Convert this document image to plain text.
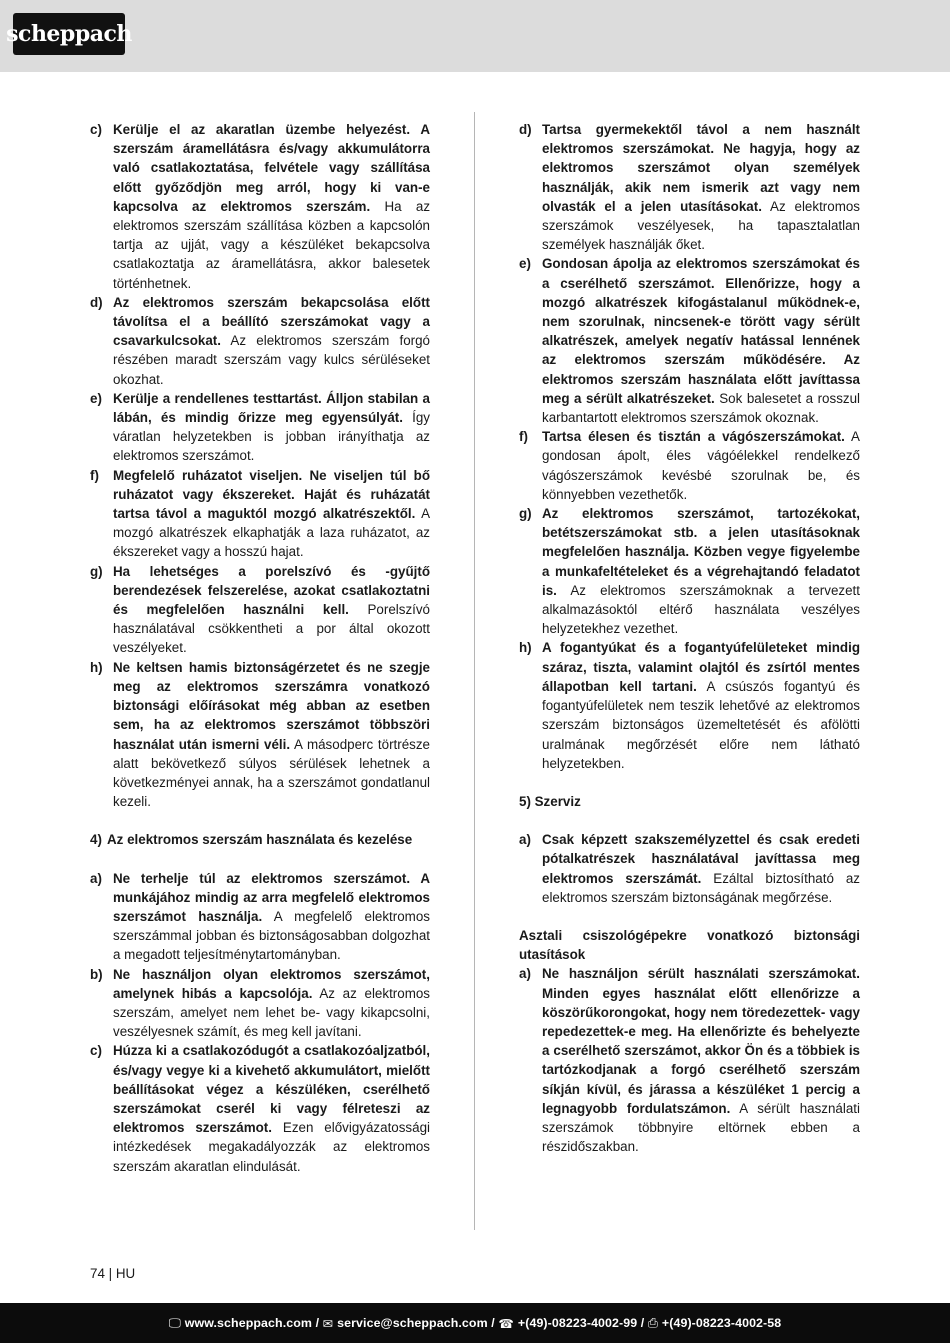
scheppach
c) Kerülje el az akaratlan üzembe helyezést. A szerszám áramellátásra és/vagy akkumulátorra való csatlakoztatása, felvétele vagy szállítása előtt győződjön meg arról, hogy ki van-e kapcsolva az elektromos szerszám. Ha az elektromos szerszám szállítása közben a kapcsolón tartja az ujját, vagy a készüléket bekapcsolva csatlakoztatja az áramellátásra, akkor balesetek történhetnek.
d) Az elektromos szerszám bekapcsolása előtt távolítsa el a beállító szerszámokat vagy a csavarkulcsokat. Az elektromos szerszám forgó részében maradt szerszám vagy kulcs sérüléseket okozhat.
e) Kerülje a rendellenes testtartást. Álljon stabilan a lábán, és mindig őrizze meg egyensúlyát. Így váratlan helyzetekben is jobban irányíthatja az elektromos szerszámot.
f)	Megfelelő ruházatot viseljen. Ne viseljen túl bő ruházatot vagy ékszereket. Haját és ruházatát tartsa távol a maguktól mozgó alkatrészektől. A mozgó alkatrészek elkaphatják a laza ruházatot, az ékszereket vagy a hosszú hajat.
g) Ha lehetséges a porelszívó és -gyűjtő berendezések felszerelése, azokat csatlakoztatni és megfelelően használni kell. Porelszívó használatával csökkentheti a por által okozott veszélyeket.
h) Ne keltsen hamis biztonságérzetet és ne szegje meg az elektromos szerszámra vonatkozó biztonsági előírásokat még abban az esetben sem, ha az elektromos szerszámot többszöri használat után ismerni véli. A másodperc törtrésze alatt bekövetkező súlyos sérülések lehetnek a következményei annak, ha a szerszámot gondatlanul kezeli.
4) Az elektromos szerszám használata és kezelése
a) Ne terhelje túl az elektromos szerszámot. A munkájához mindig az arra megfelelő elektromos szerszámot használja. A megfelelő elektromos szerszámmal jobban és biztonságosabban dolgozhat a megadott teljesítménytartományban.
b) Ne használjon olyan elektromos szerszámot, amelynek hibás a kapcsolója. Az az elektromos szerszám, amelyet nem lehet be- vagy kikapcsolni, veszélyesnek számít, és meg kell javítani.
c) Húzza ki a csatlakozódugót a csatlakozóaljzatból, és/vagy vegye ki a kivehető akkumulátort, mielőtt beállításokat végez a készüléken, cserélhető szerszámokat cserél ki vagy félreteszi az elektromos szerszámot. Ezen elővigyázatossági intézkedések megakadályozzák az elektromos szerszám akaratlan elindulását.
d) Tartsa gyermekektől távol a nem használt elektromos szerszámokat. Ne hagyja, hogy az elektromos szerszámot olyan személyek használják, akik nem ismerik azt vagy nem olvasták el a jelen utasításokat. Az elektromos szerszámok veszélyesek, ha tapasztalatlan személyek használják őket.
e) Gondosan ápolja az elektromos szerszámokat és a cserélhető szerszámot. Ellenőrizze, hogy a mozgó alkatrészek kifogástalanul működnek-e, nem szorulnak, nincsenek-e törött vagy sérült alkatrészek, amelyek negatív hatással lennének az elektromos szerszám működésére. Az elektromos szerszám használata előtt javíttassa meg a sérült alkatrészeket. Sok balesetet a rosszul karbantartott elektromos szerszámok okoznak.
f)	Tartsa élesen és tisztán a vágószerszámokat. A gondosan ápolt, éles vágóélekkel rendelkező vágószerszámok kevésbé szorulnak be, és könnyebben vezethetők.
g) Az elektromos szerszámot, tartozékokat, betétszerszámokat stb. a jelen utasításoknak megfelelően használja. Közben vegye figyelembe a munkafeltételeket és a végrehajtandó feladatot is. Az elektromos szerszámoknak a tervezett alkalmazásoktól eltérő használata veszélyes helyzetekhez vezethet.
h) A fogantyúkat és a fogantyúfelületeket mindig száraz, tiszta, valamint olajtól és zsírtól mentes állapotban kell tartani. A csúszós fogantyú és fogantyúfelületek nem teszik lehetővé az elektromos szerszám biztonságos üzemeltetését és afölötti uralmának megőrzését előre nem látható helyzetekben.
5) Szerviz
a) Csak képzett szakszemélyzettel és csak eredeti pótalkatrészek használatával javíttassa meg elektromos szerszámát. Ezáltal biztosítható az elektromos szerszám biztonságának megőrzése.
Asztali csiszológépekre vonatkozó biztonsági utasítások
a) Ne használjon sérült használati szerszámokat. Minden egyes használat előtt ellenőrizze a köszörűkorongokat, hogy nem töredezettek- vagy repedezettek-e meg. Ha ellenőrizte és behelyezte a cserélhető szerszámot, akkor Ön és a többiek is tartózkodjanak a forgó cserélhető szerszám síkján kívül, és járassa a készüléket 1 percig a legnagyobb fordulatszámon. A sérült használati szerszámok többnyire eltörnek ebben a részidőszakban.
74 | HU
🖵 www.scheppach.com
/
✉ service@scheppach.com
/
☎ +(49)-08223-4002-99
/
⎙ +(49)-08223-4002-58
